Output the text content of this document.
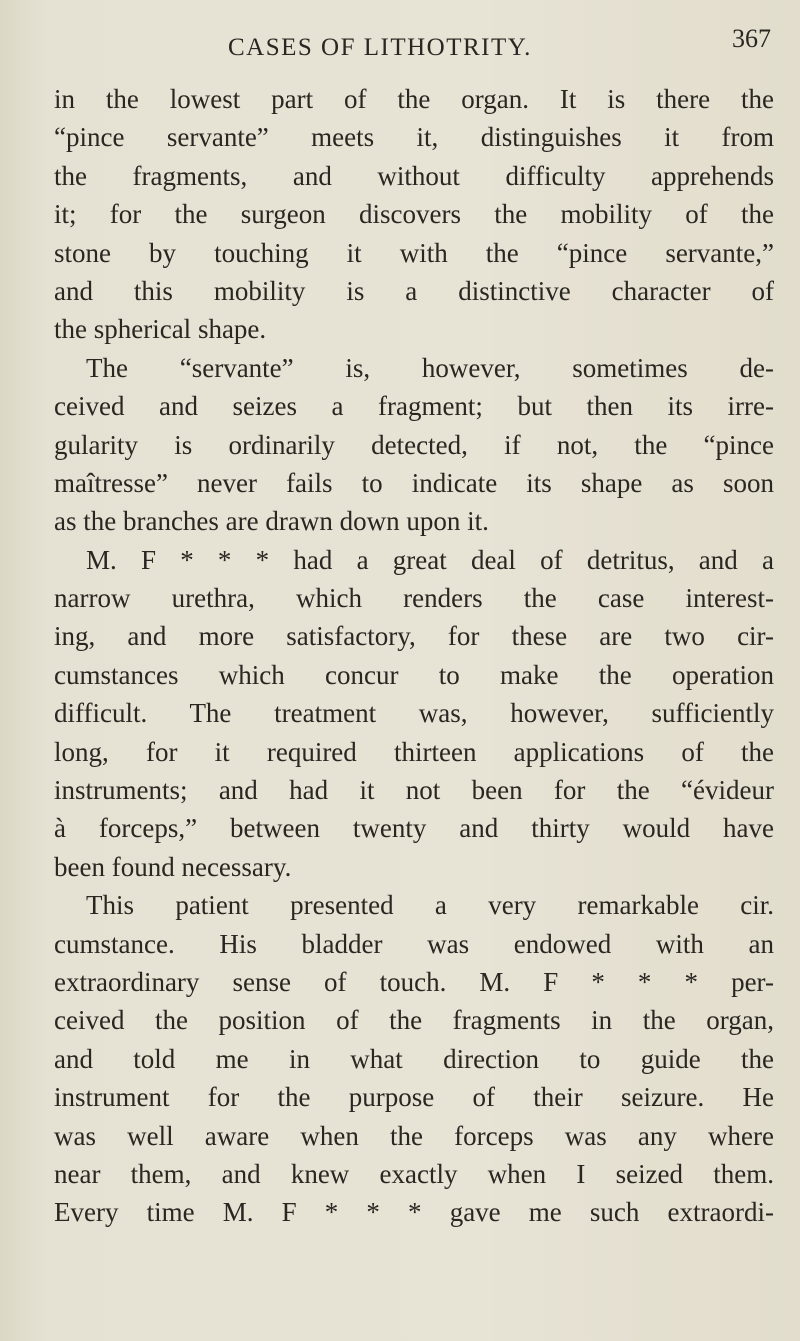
CASES OF LITHOTRITY.	367
in the lowest part of the organ. It is there the
“pince servante” meets it, distinguishes it from
the fragments, and without difficulty apprehends
it; for the surgeon discovers the mobility of the
stone by touching it with the “pince servante,”
and this mobility is a distinctive character of
the spherical shape.
The “servante” is, however, sometimes de-
ceived and seizes a fragment; but then its irre-
gularity is ordinarily detected, if not, the “pince
maîtresse” never fails to indicate its shape as soon
as the branches are drawn down upon it.
M. F * * * had a great deal of detritus, and a
narrow urethra, which renders the case interest-
ing, and more satisfactory, for these are two cir-
cumstances which concur to make the operation
difficult. The treatment was, however, sufficiently
long, for it required thirteen applications of the
instruments; and had it not been for the “évideur
à forceps,” between twenty and thirty would have
been found necessary.
This patient presented a very remarkable cir.
cumstance. His bladder was endowed with an
extraordinary sense of touch. M. F * * * per-
ceived the position of the fragments in the organ,
and told me in what direction to guide the
instrument for the purpose of their seizure. He
was well aware when the forceps was any where
near them, and knew exactly when I seized them.
Every time M. F * * * gave me such extraordi-
